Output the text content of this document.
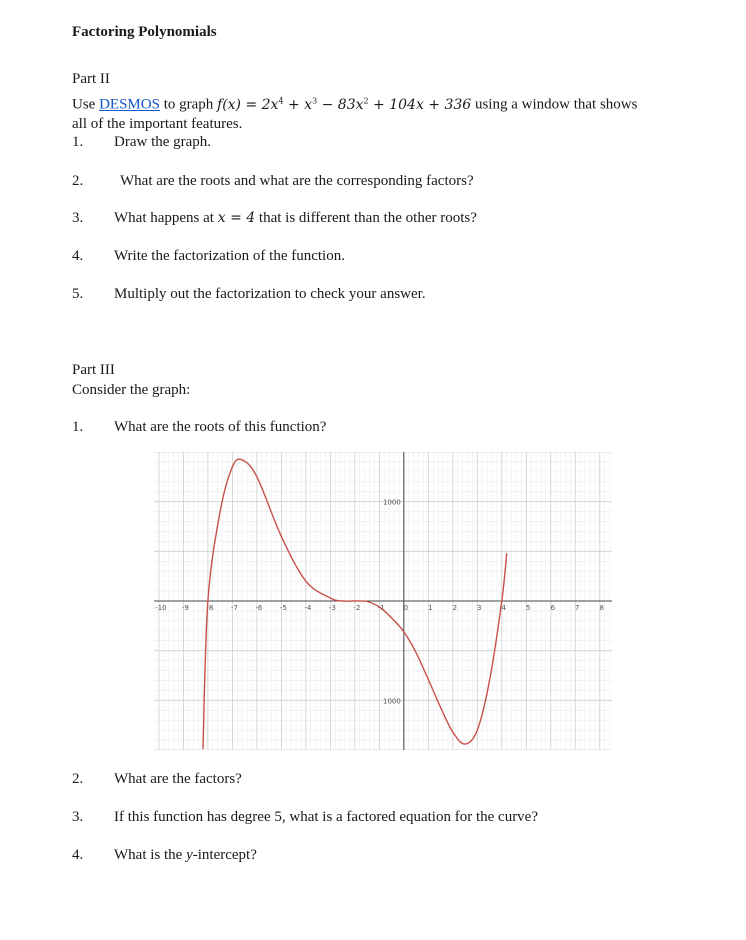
Factoring Polynomials
Part II
Use DESMOS to graph $f(x) = 2x^4 + x^3 - 83x^2 + 104x + 336$ using a window that shows
all of the important features.
1. Draw the graph.
2. What are the roots and what are the corresponding factors?
3. What happens at x = 4 that is different than the other roots?
4. Write the factorization of the function.
5. Multiply out the factorization to check your answer.
Part III
Consider the graph:
1. What are the roots of this function?
-10 -9	-8	-7	-6	-5	-4	-3	-2	-1	0	1	2	3	4	5	6	7	8
1000
1000
2. What are the factors?
3. If this function has degree 5, what is a factored equation for the curve?
4. What is the y-intercept?
